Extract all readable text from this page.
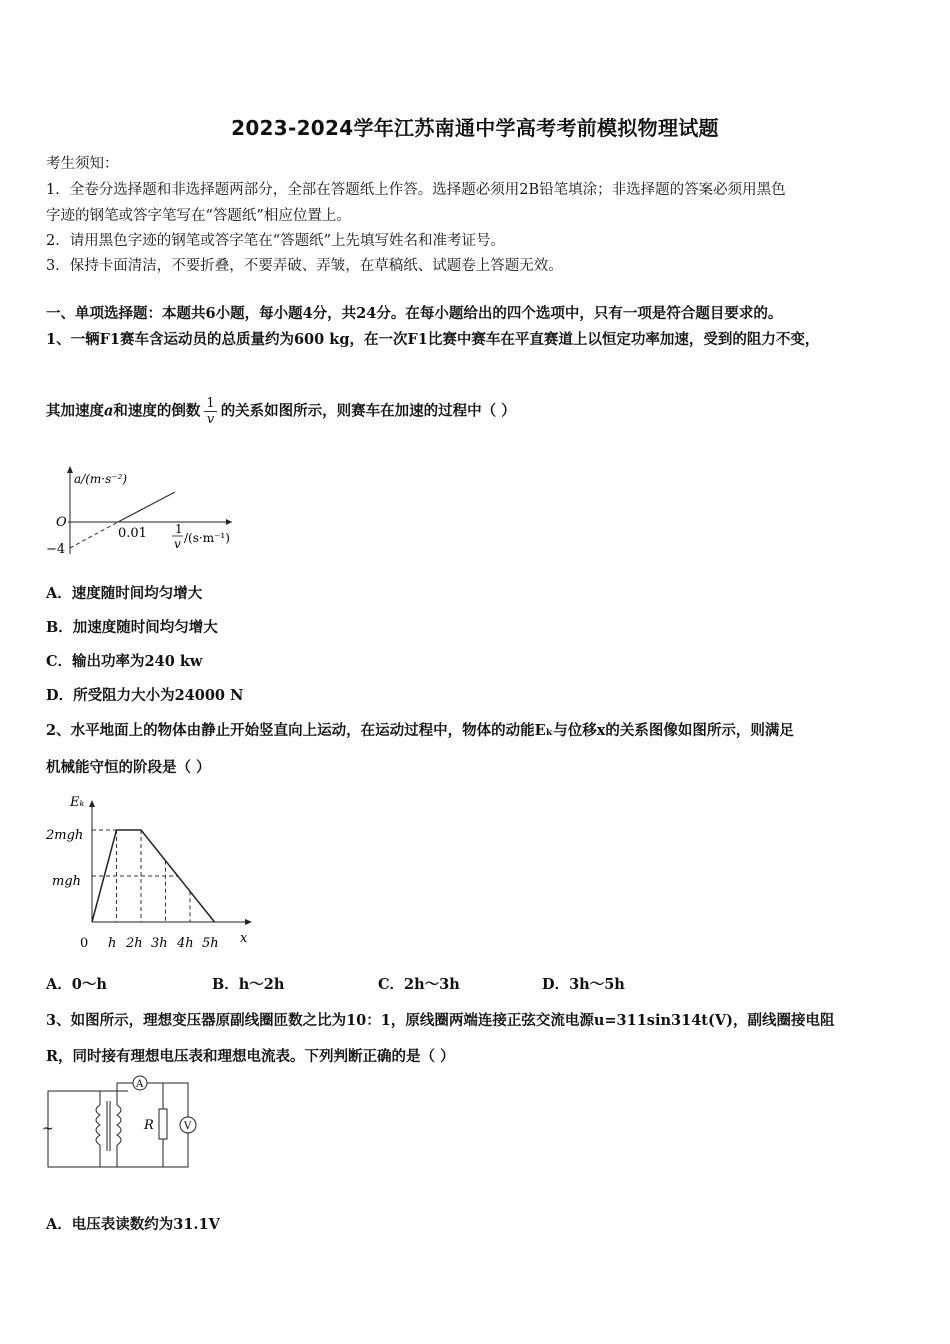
2023-2024学年江苏南通中学高考考前模拟物理试题
考生须知：
1．全卷分选择题和非选择题两部分，全部在答题纸上作答。选择题必须用2B铅笔填涂；非选择题的答案必须用黑色
字迹的钢笔或答字笔写在“答题纸”相应位置上。
2．请用黑色字迹的钢笔或答字笔在“答题纸”上先填写姓名和准考证号。
3．保持卡面清洁，不要折叠，不要弄破、弄皱，在草稿纸、试题卷上答题无效。
一、单项选择题：本题共6小题，每小题4分，共24分。在每小题给出的四个选项中，只有一项是符合题目要求的。
1、一辆F1赛车含运动员的总质量约为600 kg，在一次F1比赛中赛车在平直赛道上以恒定功率加速，受到的阻力不变，
其加速度a和速度的倒数 $\frac{1}{v}$ 的关系如图所示，则赛车在加速的过程中（ ）
a/(m·s⁻²)
O
−4
0.01 1
v /(s·m⁻¹)
A．速度随时间均匀增大
B．加速度随时间均匀增大
C．输出功率为240 kw
D．所受阻力大小为24000 N
2、水平地面上的物体由静止开始竖直向上运动，在运动过程中，物体的动能Eₖ与位移x的关系图像如图所示，则满足
机械能守恒的阶段是（ ）
Eₖ
2mgh
mgh
0 h 2h 3h 4h 5h x
A．0～h	B．h～2h	C．2h～3h	D．3h～5h
3、如图所示，理想变压器原副线圈匝数之比为10：1，原线圈两端连接正弦交流电源u=311sin314t(V)，副线圈接电阻
R，同时接有理想电压表和理想电流表。下列判断正确的是（ ）
~
A
R	V
A．电压表读数约为31.1V
